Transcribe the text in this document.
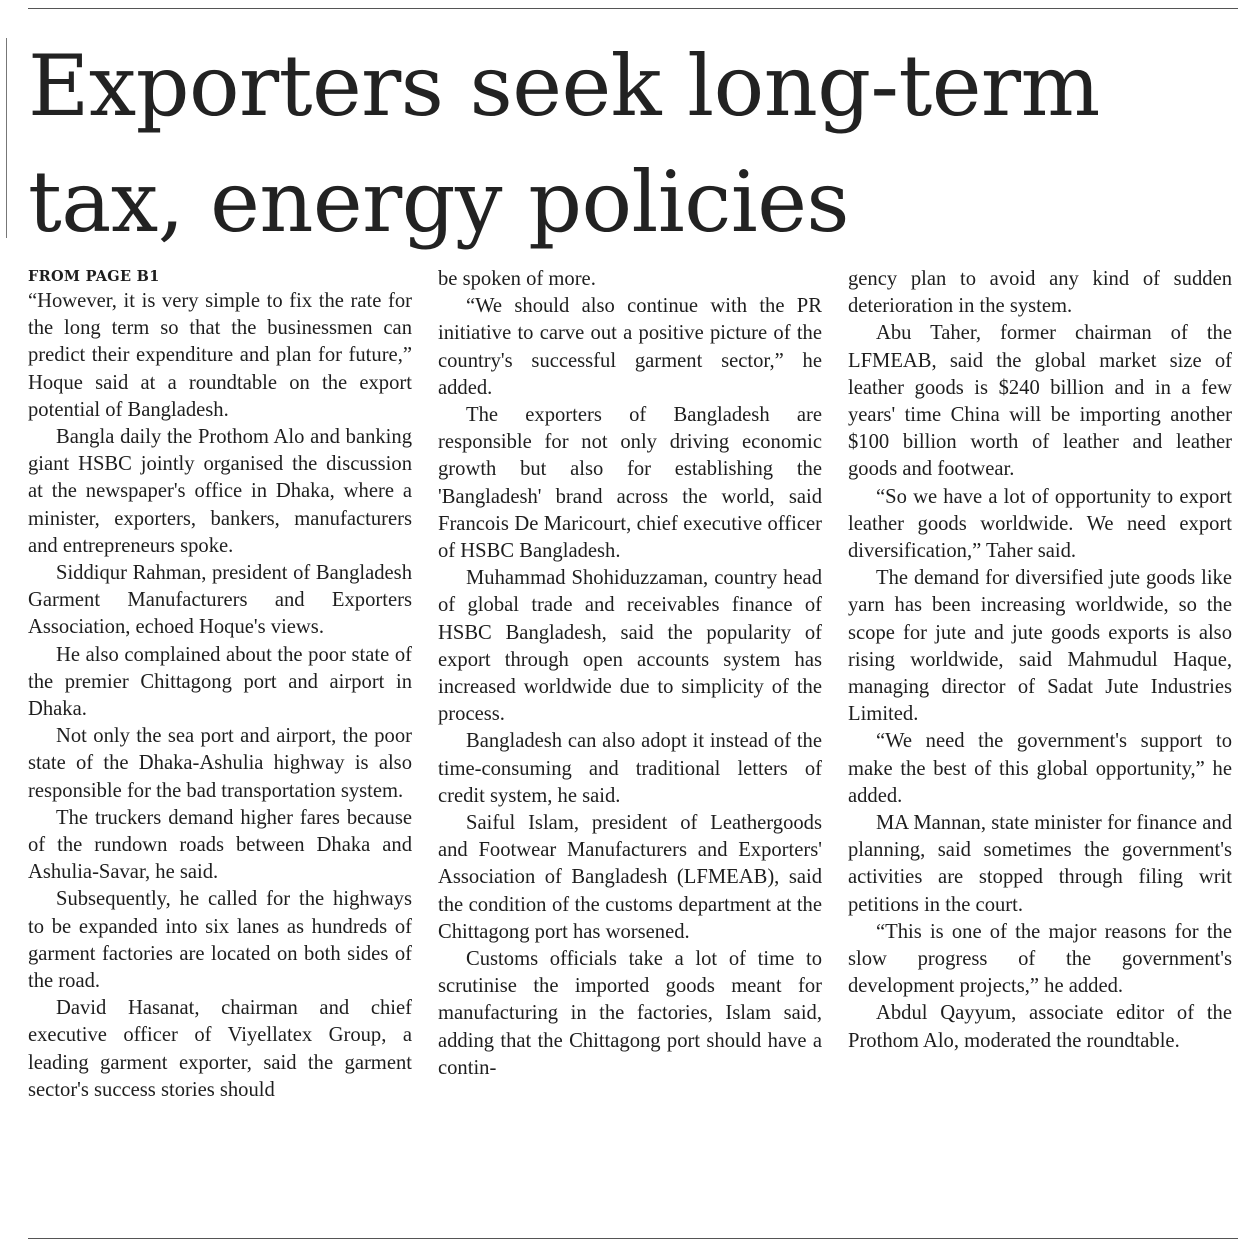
Exporters seek long-term tax, energy policies
FROM PAGE B1

“However, it is very simple to fix the rate for the long term so that the businessmen can predict their expenditure and plan for future,” Hoque said at a roundtable on the export potential of Bangladesh.

Bangla daily the Prothom Alo and banking giant HSBC jointly organised the discussion at the newspaper's office in Dhaka, where a minister, exporters, bankers, manufacturers and entrepreneurs spoke.

Siddiqur Rahman, president of Bangladesh Garment Manufacturers and Exporters Association, echoed Hoque's views.

He also complained about the poor state of the premier Chittagong port and airport in Dhaka.

Not only the sea port and airport, the poor state of the Dhaka-Ashulia highway is also responsible for the bad transportation system.

The truckers demand higher fares because of the rundown roads between Dhaka and Ashulia-Savar, he said.

Subsequently, he called for the highways to be expanded into six lanes as hundreds of garment factories are located on both sides of the road.

David Hasanat, chairman and chief executive officer of Viyellatex Group, a leading garment exporter, said the garment sector's success stories should

be spoken of more.

“We should also continue with the PR initiative to carve out a positive picture of the country's successful garment sector,” he added.

The exporters of Bangladesh are responsible for not only driving economic growth but also for establishing the 'Bangladesh' brand across the world, said Francois De Maricourt, chief executive officer of HSBC Bangladesh.

Muhammad Shohiduzzaman, country head of global trade and receivables finance of HSBC Bangladesh, said the popularity of export through open accounts system has increased worldwide due to simplicity of the process.

Bangladesh can also adopt it instead of the time-consuming and traditional letters of credit system, he said.

Saiful Islam, president of Leathergoods and Footwear Manufacturers and Exporters' Association of Bangladesh (LFMEAB), said the condition of the customs department at the Chittagong port has worsened.

Customs officials take a lot of time to scrutinise the imported goods meant for manufacturing in the factories, Islam said, adding that the Chittagong port should have a contin-

gency plan to avoid any kind of sudden deterioration in the system.

Abu Taher, former chairman of the LFMEAB, said the global market size of leather goods is $240 billion and in a few years' time China will be importing another $100 billion worth of leather and leather goods and footwear.

“So we have a lot of opportunity to export leather goods worldwide. We need export diversification,” Taher said.

The demand for diversified jute goods like yarn has been increasing worldwide, so the scope for jute and jute goods exports is also rising worldwide, said Mahmudul Haque, managing director of Sadat Jute Industries Limited.

“We need the government's support to make the best of this global opportunity,” he added.

MA Mannan, state minister for finance and planning, said sometimes the government's activities are stopped through filing writ petitions in the court.

“This is one of the major reasons for the slow progress of the government's development projects,” he added.

Abdul Qayyum, associate editor of the Prothom Alo, moderated the roundtable.
